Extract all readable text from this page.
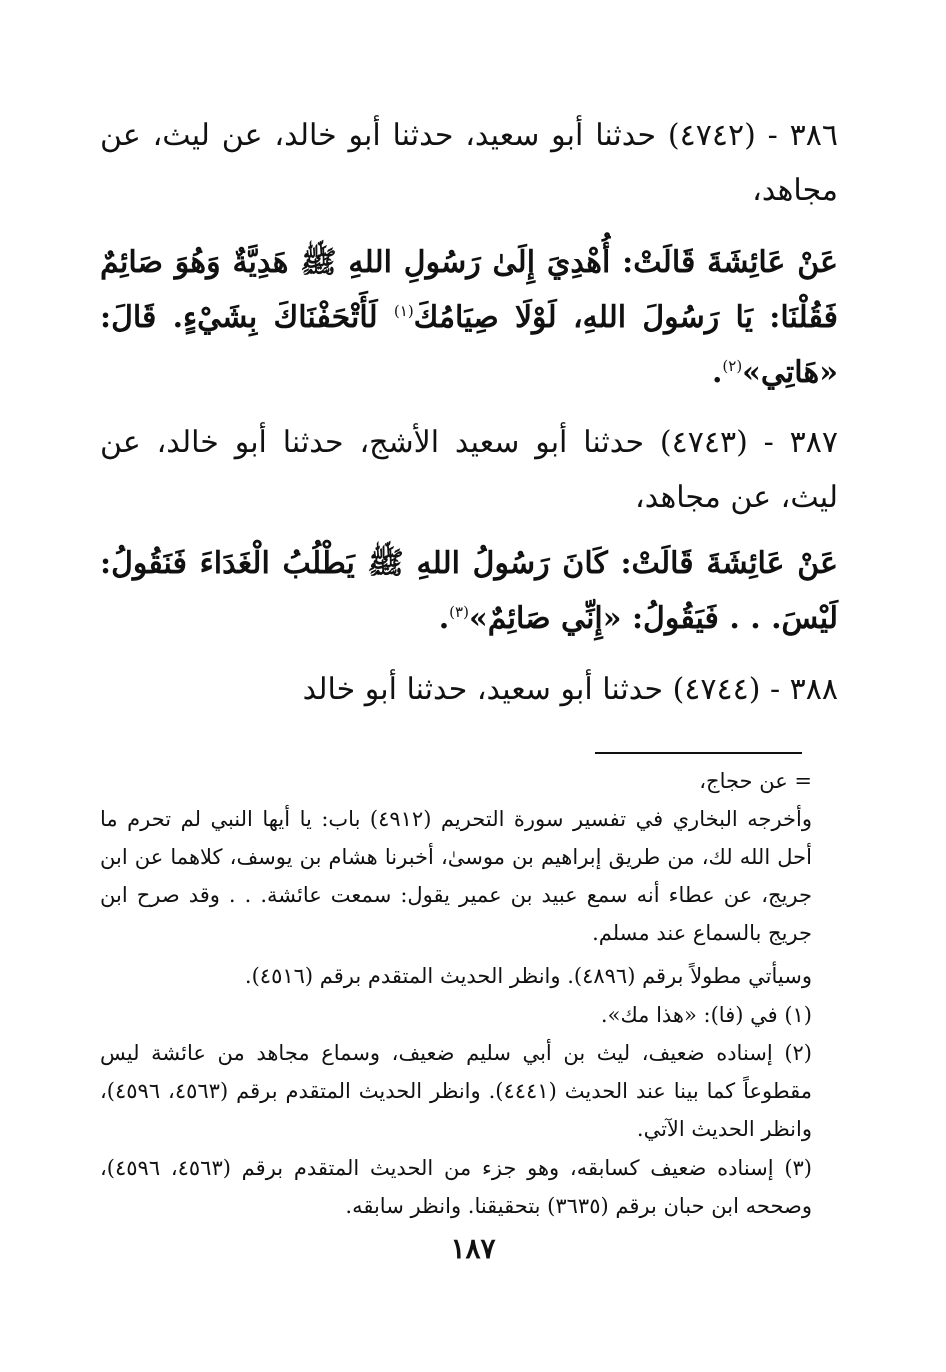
٣٨٦ - (٤٧٤٢) حدثنا أبو سعيد، حدثنا أبو خالد، عن ليث، عن مجاهد،
عَنْ عَائِشَةَ قَالَتْ: أُهْدِيَ إِلَىٰ رَسُولِ اللهِ ﷺ هَدِيَّةٌ وَهُوَ صَائِمٌ فَقُلْنَا: يَا رَسُولَ اللهِ، لَوْلَا صِيَامُكَ$^{(١)}$ لَأَتْحَفْنَاكَ بِشَيْءٍ. قَالَ: «هَاتِي»$^{(٢)}$.
٣٨٧ - (٤٧٤٣) حدثنا أبو سعيد الأشج، حدثنا أبو خالد، عن ليث، عن مجاهد،
عَنْ عَائِشَةَ قَالَتْ: كَانَ رَسُولُ اللهِ ﷺ يَطْلُبُ الْغَدَاءَ فَنَقُولُ: لَيْسَ. . . فَيَقُولُ: «إِنِّي صَائِمٌ»$^{(٣)}$.
٣٨٨ - (٤٧٤٤) حدثنا أبو سعيد، حدثنا أبو خالد
= عن حجاج،
وأخرجه البخاري في تفسير سورة التحريم (٤٩١٢) باب: يا أيها النبي لم تحرم ما أحل الله لك، من طريق إبراهيم بن موسىٰ، أخبرنا هشام بن يوسف، كلاهما عن ابن جريج، عن عطاء أنه سمع عبيد بن عمير يقول: سمعت عائشة. . . وقد صرح ابن جريج بالسماع عند مسلم.
وسيأتي مطولاً برقم (٤٨٩٦). وانظر الحديث المتقدم برقم (٤٥١٦).
(١) في (فا): «هذا مك».
(٢) إسناده ضعيف، ليث بن أبي سليم ضعيف، وسماع مجاهد من عائشة ليس مقطوعاً كما بينا عند الحديث (٤٤٤١). وانظر الحديث المتقدم برقم (٤٥٦٣، ٤٥٩٦)، وانظر الحديث الآتي.
(٣) إسناده ضعيف كسابقه، وهو جزء من الحديث المتقدم برقم (٤٥٦٣، ٤٥٩٦)، وصححه ابن حبان برقم (٣٦٣٥) بتحقيقنا. وانظر سابقه.
١٨٧
